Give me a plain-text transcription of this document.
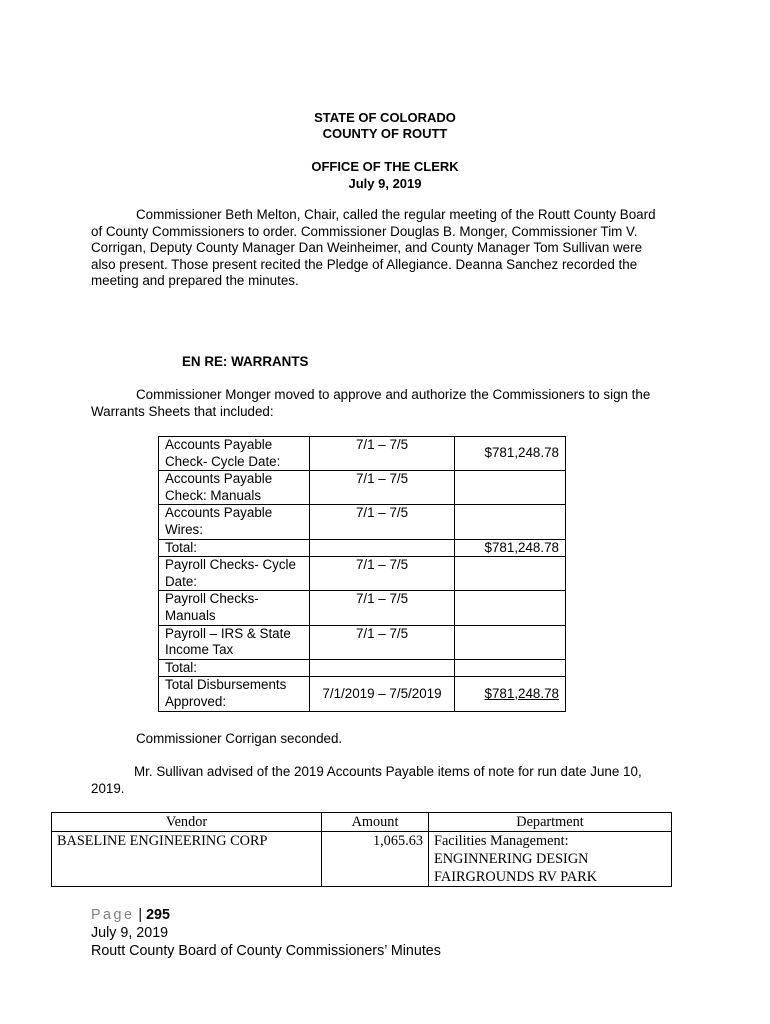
STATE OF COLORADO
COUNTY OF ROUTT
OFFICE OF THE CLERK
July 9, 2019
Commissioner Beth Melton, Chair, called the regular meeting of the Routt County Board
of County Commissioners to order. Commissioner Douglas B. Monger, Commissioner Tim V.
Corrigan, Deputy County Manager Dan Weinheimer, and County Manager Tom Sullivan were
also present. Those present recited the Pledge of Allegiance. Deanna Sanchez recorded the
meeting and prepared the minutes.
EN RE: WARRANTS
Commissioner Monger moved to approve and authorize the Commissioners to sign the
Warrants Sheets that included:
Accounts Payable
Check- Cycle Date:	7/1 – 7/5	$781,248.78

Accounts Payable
Check: Manuals	7/1 – 7/5	

Accounts Payable
Wires:	7/1 – 7/5	

Total:		$781,248.78

Payroll Checks- Cycle
Date:	7/1 – 7/5	

Payroll Checks-
Manuals	7/1 – 7/5	

Payroll – IRS & State
Income Tax	7/1 – 7/5	

Total:		

Total Disbursements
Approved:	7/1/2019 – 7/5/2019	$781,248.78
Commissioner Corrigan seconded.
Mr. Sullivan advised of the 2019 Accounts Payable items of note for run date June 10,
2019.
Vendor	Amount	Department
BASELINE ENGINEERING CORP	1,065.63	Facilities Management:
ENGINNERING DESIGN
FAIRGROUNDS RV PARK
Page | 295
July 9, 2019
Routt County Board of County Commissioners’ Minutes
